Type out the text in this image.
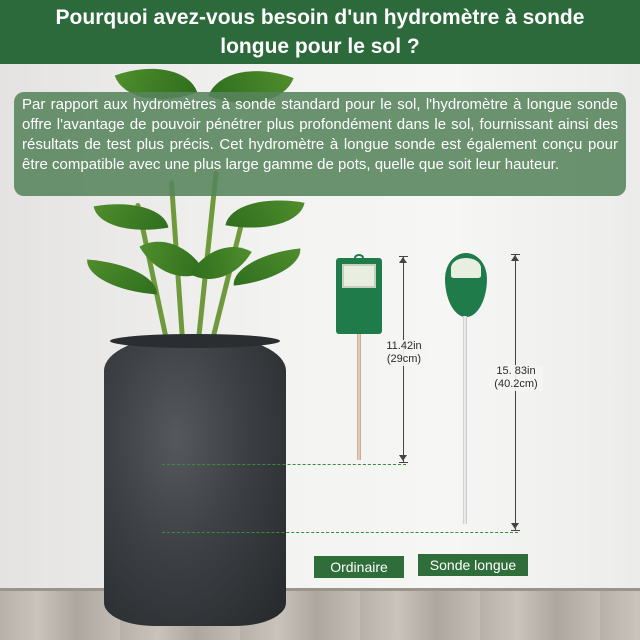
11.42in
(29cm)
15. 83in
(40.2cm)
Ordinaire	Sonde longue
Par rapport aux hydromètres à sonde standard pour le sol, l'hydromètre à longue sonde offre l'avantage de pouvoir pénétrer plus profondément dans le sol, fournissant ainsi des résultats de test plus précis. Cet hydromètre à longue sonde est également conçu pour être compatible avec une plus large gamme de pots, quelle que soit leur hauteur.
Pourquoi avez-vous besoin d'un hydromètre à sonde
longue pour le sol ?
